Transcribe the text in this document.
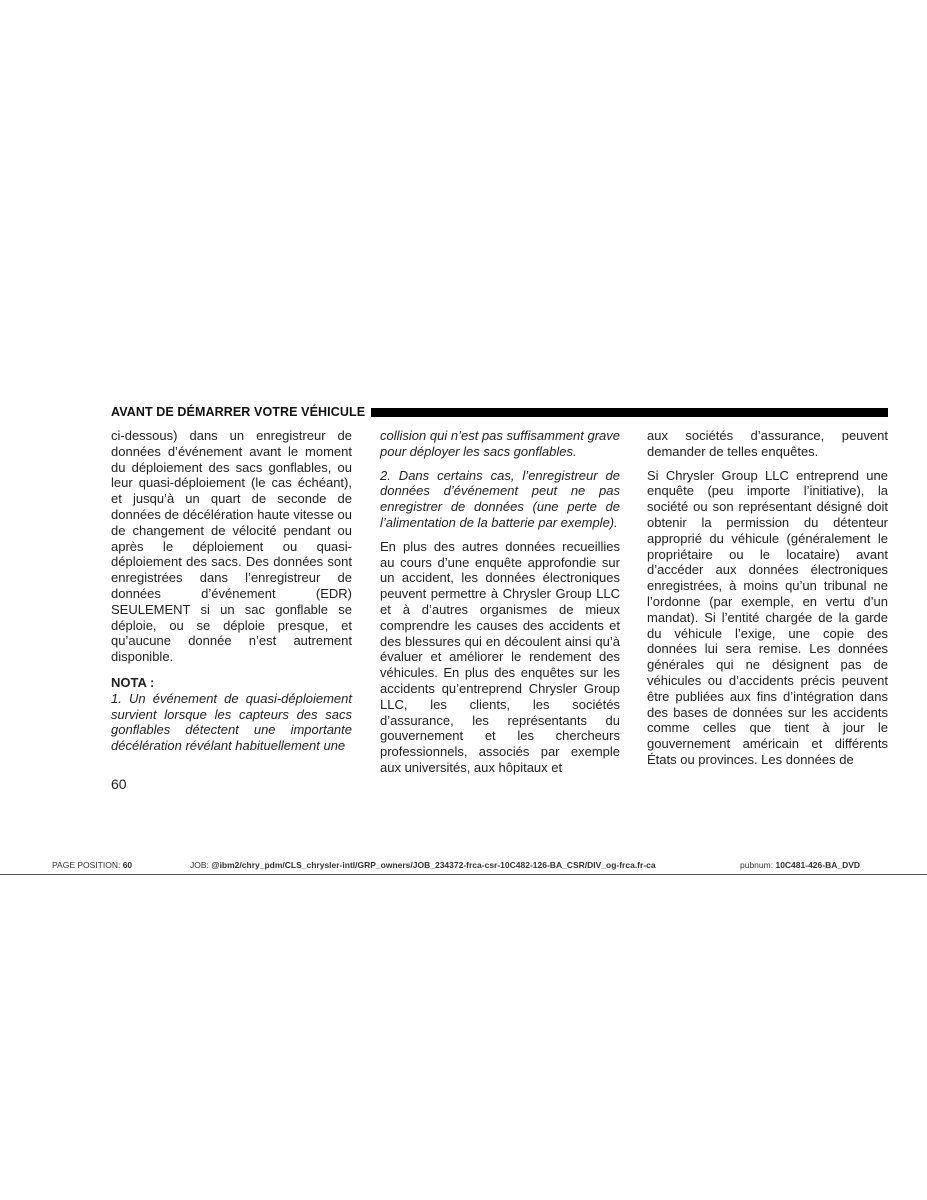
AVANT DE DÉMARRER VOTRE VÉHICULE

ci-dessous) dans un enregistreur de données d’événement avant le moment du déploiement des sacs gonflables, ou leur quasi-déploiement (le cas échéant), et jusqu’à un quart de seconde de données de décélération haute vitesse ou de changement de vélocité pendant ou après le déploiement ou quasi-déploiement des sacs. Des données sont enregistrées dans l’enregistreur de données d’événement (EDR) SEULEMENT si un sac gonflable se déploie, ou se déploie presque, et qu’aucune donnée n’est autrement disponible.

NOTA :

1. Un événement de quasi-déploiement survient lorsque les capteurs des sacs gonflables détectent une importante décélération révélant habituellement une

collision qui n’est pas suffisamment grave pour déployer les sacs gonflables.

2. Dans certains cas, l’enregistreur de données d’événement peut ne pas enregistrer de données (une perte de l’alimentation de la batterie par exemple).

En plus des autres données recueillies au cours d’une enquête approfondie sur un accident, les données électroniques peuvent permettre à Chrysler Group LLC et à d’autres organismes de mieux comprendre les causes des accidents et des blessures qui en découlent ainsi qu’à évaluer et améliorer le rendement des véhicules. En plus des enquêtes sur les accidents qu’entreprend Chrysler Group LLC, les clients, les sociétés d’assurance, les représentants du gouvernement et les chercheurs professionnels, associés par exemple aux universités, aux hôpitaux et

aux sociétés d’assurance, peuvent demander de telles enquêtes.

Si Chrysler Group LLC entreprend une enquête (peu importe l’initiative), la société ou son représentant désigné doit obtenir la permission du détenteur approprié du véhicule (généralement le propriétaire ou le locataire) avant d’accéder aux données électroniques enregistrées, à moins qu’un tribunal ne l’ordonne (par exemple, en vertu d’un mandat). Si l’entité chargée de la garde du véhicule l’exige, une copie des données lui sera remise. Les données générales qui ne désignent pas de véhicules ou d’accidents précis peuvent être publiées aux fins d’intégration dans des bases de données sur les accidents comme celles que tient à jour le gouvernement américain et différents États ou provinces. Les données de

60
PAGE POSITION: 60	JOB: @ibm2/chry_pdm/CLS_chrysler-intl/GRP_owners/JOB_234372-frca-csr-10C482-126-BA_CSR/DIV_og-frca.fr-ca	pubnum: 10C481-426-BA_DVD
